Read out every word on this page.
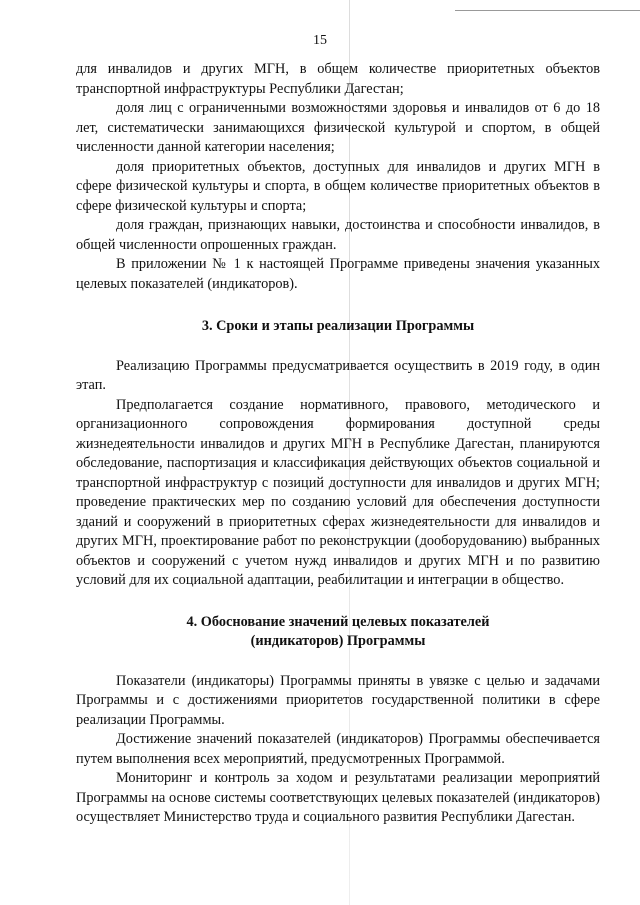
15

для инвалидов и других МГН, в общем количестве приоритетных объектов транспортной инфраструктуры Республики Дагестан;

доля лиц с ограниченными возможностями здоровья и инвалидов от 6 до 18 лет, систематически занимающихся физической культурой и спортом, в общей численности данной категории населения;

доля приоритетных объектов, доступных для инвалидов и других МГН в сфере физической культуры и спорта, в общем количестве приоритетных объектов в сфере физической культуры и спорта;

доля граждан, признающих навыки, достоинства и способности инвалидов, в общей численности опрошенных граждан.

В приложении № 1 к настоящей Программе приведены значения указанных целевых показателей (индикаторов).

3. Сроки и этапы реализации Программы

Реализацию Программы предусматривается осуществить в 2019 году, в один этап.

Предполагается создание нормативного, правового, методического и организационного сопровождения формирования доступной среды жизнедеятельности инвалидов и других МГН в Республике Дагестан, планируются обследование, паспортизация и классификация действующих объектов социальной и транспортной инфраструктур с позиций доступности для инвалидов и других МГН; проведение практических мер по созданию условий для обеспечения доступности зданий и сооружений в приоритетных сферах жизнедеятельности для инвалидов и других МГН, проектирование работ по реконструкции (дооборудованию) выбранных объектов и сооружений с учетом нужд инвалидов и других МГН и по развитию условий для их социальной адаптации, реабилитации и интеграции в общество.

4. Обоснование значений целевых показателей
(индикаторов) Программы

Показатели (индикаторы) Программы приняты в увязке с целью и задачами Программы и с достижениями приоритетов государственной политики в сфере реализации Программы.

Достижение значений показателей (индикаторов) Программы обеспечивается путем выполнения всех мероприятий, предусмотренных Программой.

Мониторинг и контроль за ходом и результатами реализации мероприятий Программы на основе системы соответствующих целевых показателей (индикаторов) осуществляет Министерство труда и социального развития Республики Дагестан.
